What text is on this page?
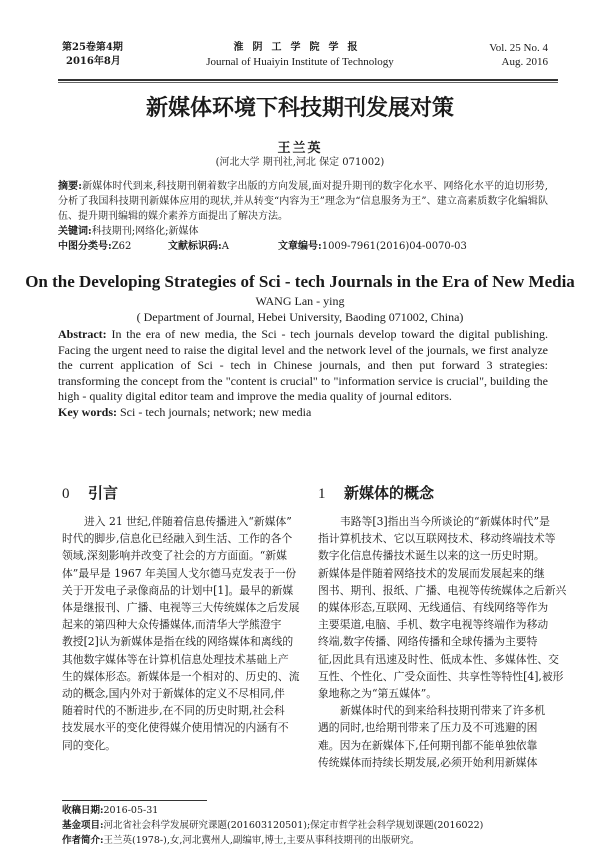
第25卷第4期
2016年8月
淮阴工学院学报
Journal of Huaiyin Institute of Technology
Vol. 25 No. 4
Aug. 2016
新媒体环境下科技期刊发展对策
王兰英
(河北大学 期刊社,河北 保定 071002)
摘要:新媒体时代到来,科技期刊朝着数字出版的方向发展,面对提升期刊的数字化水平、网络化水平的迫切形势,分析了我国科技期刊新媒体应用的现状,并从转变“内容为王”理念为“信息服务为王”、建立高素质数字化编辑队伍、提升期刊编辑的媒介素养方面提出了解决方法。
关键词:科技期刊;网络化;新媒体
中图分类号:Z62	文献标识码:A	文章编号:1009-7961(2016)04-0070-03
On the Developing Strategies of Sci - tech Journals in the Era of New Media
WANG Lan - ying
( Department of Journal, Hebei University, Baoding 071002, China)
Abstract: In the era of new media, the Sci - tech journals develop toward the digital publishing. Facing the urgent need to raise the digital level and the network level of the journals, we first analyze the current application of Sci - tech in Chinese journals, and then put forward 3 strategies: transforming the concept from the "content is crucial" to "information service is crucial", building the high - quality digital editor team and improve the media quality of journal editors.
Key words: Sci - tech journals; network; new media
0 引言
进入 21 世纪,伴随着信息传播进入“新媒体”
时代的脚步,信息化已经融入到生活、工作的各个
领域,深刻影响并改变了社会的方方面面。“新媒
体”最早是 1967 年美国人戈尔德马克发表于一份
关于开发电子录像商品的计划中[1]。最早的新媒
体是继报刊、广播、电视等三大传统媒体之后发展
起来的第四种大众传播媒体,而清华大学熊澄宇
教授[2]认为新媒体是指在线的网络媒体和离线的
其他数字媒体等在计算机信息处理技术基础上产
生的媒体形态。新媒体是一个相对的、历史的、流
动的概念,国内外对于新媒体的定义不尽相同,伴
随着时代的不断进步,在不同的历史时期,社会科
技发展水平的变化使得媒介使用情况的内涵有不
同的变化。
1 新媒体的概念
韦路等[3]指出当今所谈论的“新媒体时代”是
指计算机技术、它以互联网技术、移动终端技术等
数字化信息传播技术诞生以来的这一历史时期。
新媒体是伴随着网络技术的发展而发展起来的继
图书、期刊、报纸、广播、电视等传统媒体之后新兴
的媒体形态,互联网、无线通信、有线网络等作为
主要渠道,电脑、手机、数字电视等终端作为移动
终端,数字传播、网络传播和全球传播为主要特
征,因此具有迅速及时性、低成本性、多媒体性、交
互性、个性化、广受众面性、共享性等特性[4],被形
象地称之为“第五媒体”。
新媒体时代的到来给科技期刊带来了许多机
遇的同时,也给期刊带来了压力及不可逃避的困
难。因为在新媒体下,任何期刊都不能单独依靠
传统媒体而持续长期发展,必须开始利用新媒体
收稿日期:2016-05-31
基金项目:河北省社会科学发展研究课题(201603120501);保定市哲学社会科学规划课题(2016022)
作者简介:王兰英(1978-),女,河北冀州人,副编审,博士,主要从事科技期刊的出版研究。
